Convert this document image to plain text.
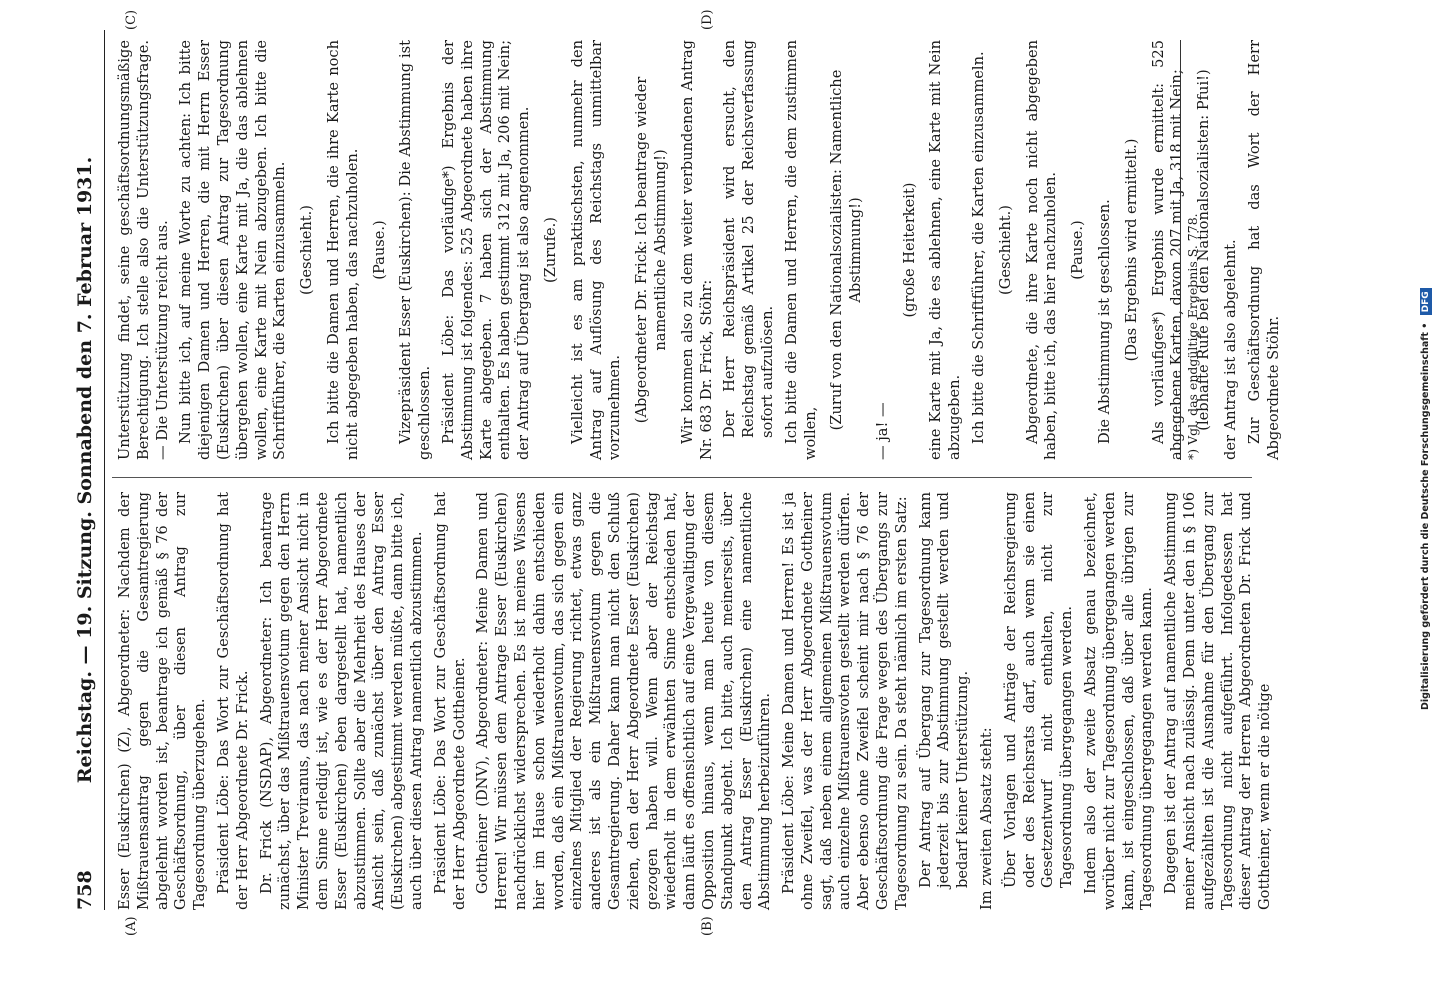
758
Reichstag. — 19. Sitzung. Sonnabend den 7. Februar 1931.
(A)	(B)
(C)	(D)

Esser (Euskirchen) (Z), Abgeordneter: Nachdem der Mißtrauensantrag gegen die Gesamtregierung abgelehnt worden ist, beantrage ich gemäß § 76 der Geschäftsordnung, über diesen Antrag zur Tagesordnung überzugehen. Präsident Löbe: Das Wort zur Geschäftsordnung hat der Herr Abgeordnete Dr. Frick. Dr. Frick (NSDAP), Abgeordneter: Ich beantrage zunächst, über das Mißtrauensvotum gegen den Herrn Minister Treviranus, das nach meiner Ansicht nicht in dem Sinne erledigt ist, wie es der Herr Abgeordnete Esser (Euskirchen) eben dargestellt hat, namentlich abzustimmen. Sollte aber die Mehrheit des Hauses der Ansicht sein, daß zunächst über den Antrag Esser (Euskirchen) abgestimmt werden müßte, dann bitte ich, auch über diesen Antrag namentlich abzustimmen. Präsident Löbe: Das Wort zur Geschäftsordnung hat der Herr Abgeordnete Gottheiner. Gottheiner (DNV), Abgeordneter: Meine Damen und Herren! Wir müssen dem Antrage Esser (Euskirchen) nachdrücklichst widersprechen. Es ist meines Wissens hier im Hause schon wiederholt dahin entschieden worden, daß ein Mißtrauensvotum, das sich gegen ein einzelnes Mitglied der Regierung richtet, etwas ganz anderes ist als ein Mißtrauensvotum gegen die Gesamtregierung. Daher kann man nicht den Schluß ziehen, den der Herr Abgeordnete Esser (Euskirchen) gezogen haben will. Wenn aber der Reichstag wiederholt in dem erwähnten Sinne entschieden hat, dann läuft es offensichtlich auf eine Vergewaltigung der Opposition hinaus, wenn man heute von diesem Standpunkt abgeht. Ich bitte, auch meinerseits, über den Antrag Esser (Euskirchen) eine namentliche Abstimmung herbeizuführen. Präsident Löbe: Meine Damen und Herren! Es ist ja ohne Zweifel, was der Herr Abgeordnete Gottheiner sagt, daß neben einem allgemeinen Mißtrauensvotum auch einzelne Mißtrauensvoten gestellt werden dürfen. Aber ebenso ohne Zweifel scheint mir nach § 76 der Geschäftsordnung die Frage wegen des Übergangs zur Tagesordnung zu sein. Da steht nämlich im ersten Satz: Der Antrag auf Übergang zur Tagesordnung kann jederzeit bis zur Abstimmung gestellt werden und bedarf keiner Unterstützung. Im zweiten Absatz steht: Über Vorlagen und Anträge der Reichsregierung oder des Reichsrats darf, auch wenn sie einen Gesetzentwurf nicht enthalten, nicht zur Tagesordnung übergegangen werden. Indem also der zweite Absatz genau bezeichnet, worüber nicht zur Tagesordnung übergegangen werden kann, ist eingeschlossen, daß über alle übrigen zur Tagesordnung übergegangen werden kann. Dagegen ist der Antrag auf namentliche Abstimmung meiner Ansicht nach zulässig. Denn unter den in § 106 aufgezählten ist die Ausnahme für den Übergang zur Tagesordnung nicht aufgeführt. Infolgedessen hat dieser Antrag der Herren Abgeordneten Dr. Frick und Gottheiner, wenn er die nötige

Unterstützung findet, seine geschäftsordnungsmäßige Berechtigung. Ich stelle also die Unterstützungsfrage. — Die Unterstützung reicht aus. Nun bitte ich, auf meine Worte zu achten: Ich bitte diejenigen Damen und Herren, die mit Herrn Esser (Euskirchen) über diesen Antrag zur Tagesordnung übergehen wollen, eine Karte mit Ja, die das ablehnen wollen, eine Karte mit Nein abzugeben. Ich bitte die Schriftführer, die Karten einzusammeln. (Geschieht.) Ich bitte die Damen und Herren, die ihre Karte noch nicht abgegeben haben, das nachzuholen. (Pause.) Vizepräsident Esser (Euskirchen): Die Abstimmung ist geschlossen. Präsident Löbe: Das vorläufige*) Ergebnis der Abstimmung ist folgendes: 525 Abgeordnete haben ihre Karte abgegeben. 7 haben sich der Abstimmung enthalten. Es haben gestimmt 312 mit Ja, 206 mit Nein; der Antrag auf Übergang ist also angenommen. (Zurufe.) Vielleicht ist es am praktischsten, nunmehr den Antrag auf Auflösung des Reichstags unmittelbar vorzunehmen. (Abgeordneter Dr. Frick: Ich beantrage wieder namentliche Abstimmung!) Wir kommen also zu dem weiter verbundenen Antrag Nr. 683 Dr. Frick, Stöhr: Der Herr Reichspräsident wird ersucht, den Reichstag gemäß Artikel 25 der Reichsverfassung sofort aufzulösen. Ich bitte die Damen und Herren, die dem zustimmen wollen,

(Zuruf von den Nationalsozialisten: Namentliche Abstimmung!)

— ja! —

(große Heiterkeit) eine Karte mit Ja, die es ablehnen, eine Karte mit Nein abzugeben. Ich bitte die Schriftführer, die Karten einzusammeln. (Geschieht.) Abgeordnete, die ihre Karte noch nicht abgegeben haben, bitte ich, das hier nachzuholen. (Pause.) Die Abstimmung ist geschlossen. (Das Ergebnis wird ermittelt.) Als vorläufiges*) Ergebnis wurde ermittelt: 525 abgegebene Karten, davon 207 mit Ja, 318 mit Nein; (lebhafte Rufe bei den Nationalsozialisten: Pfui!) der Antrag ist also abgelehnt. Zur Geschäftsordnung hat das Wort der Herr Abgeordnete Stöhr.

*) Vgl. das endgültige Ergebnis S. 778.	Digitalisierung gefördert durch die Deutsche Forschungsgemeinschaft • DFG
